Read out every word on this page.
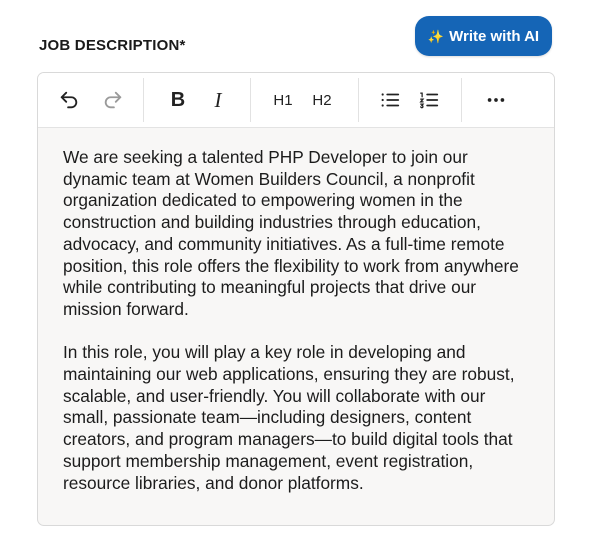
JOB DESCRIPTION*
✨ Write with AI
B	I	H1 H2

We are seeking a talented PHP Developer to join our dynamic team at Women Builders Council, a nonprofit organization dedicated to empowering women in the construction and building industries through education, advocacy, and community initiatives. As a full-time remote position, this role offers the flexibility to work from anywhere while contributing to meaningful projects that drive our mission forward.

In this role, you will play a key role in developing and maintaining our web applications, ensuring they are robust, scalable, and user-friendly. You will collaborate with our small, passionate team—including designers, content creators, and program managers—to build digital tools that support membership management, event registration, resource libraries, and donor platforms.
